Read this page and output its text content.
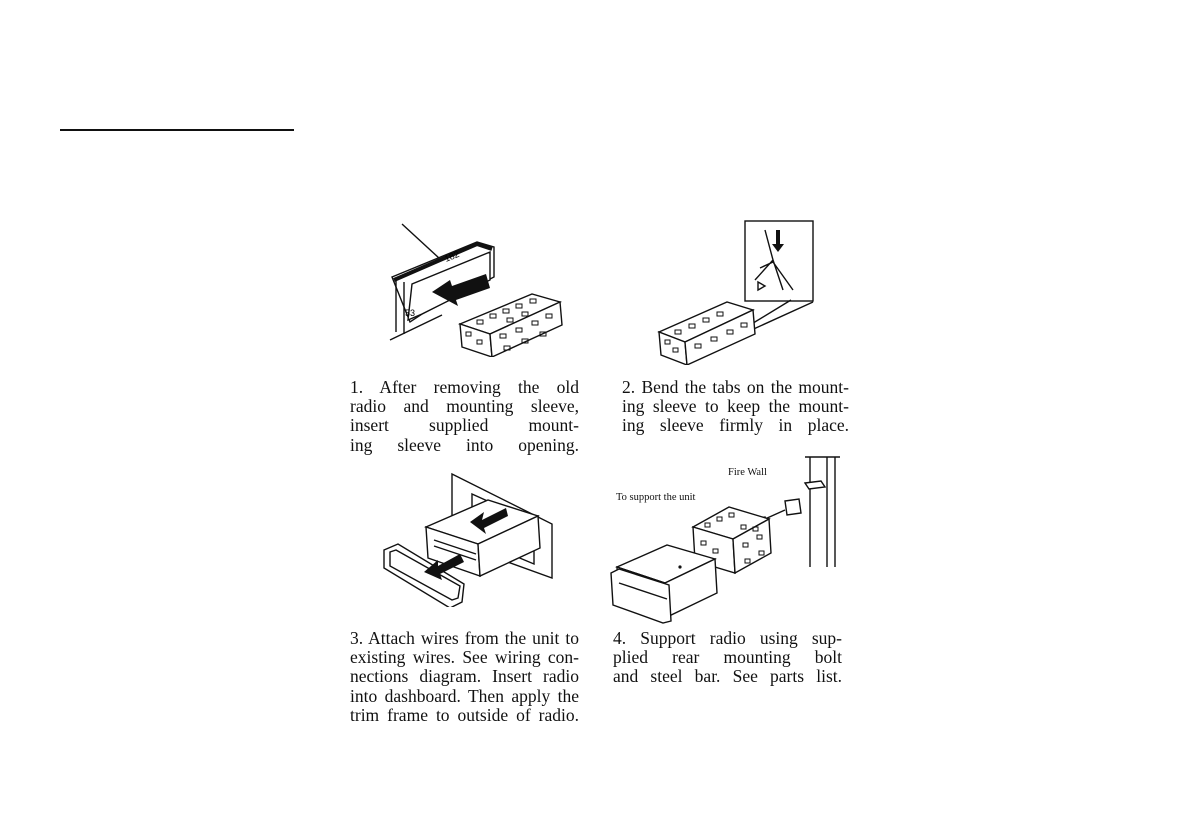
182
53
1. After removing the old
radio and mounting sleeve,
insert supplied mount-
ing sleeve into opening.
2. Bend the tabs on the mount-
ing sleeve to keep the mount-
ing sleeve firmly in place.
Fire Wall
To support the unit
3. Attach wires from the unit to
existing wires. See wiring con-
nections diagram. Insert radio
into dashboard. Then apply the
trim frame to outside of radio.
4. Support radio using sup-
plied rear mounting bolt
and steel bar. See parts list.
